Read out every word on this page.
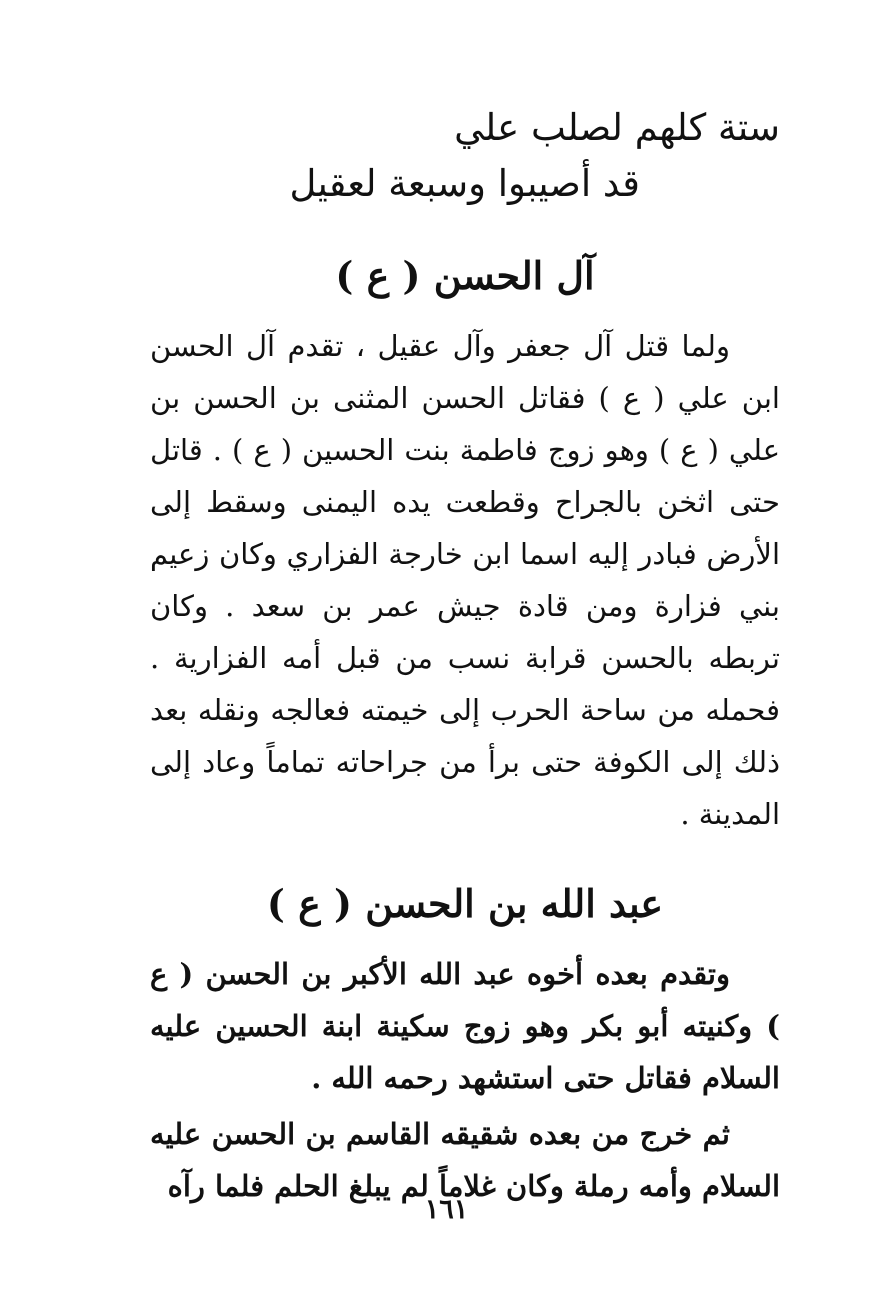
ستة كلهم لصلب علي
قد أصيبوا وسبعة لعقيل
آل الحسن ( ع )

ولما قتل آل جعفر وآل عقيل ، تقدم آل الحسن ابن علي ( ع ) فقاتل الحسن المثنى بن الحسن بن علي ( ع ) وهو زوج فاطمة بنت الحسين ( ع ) . قاتل حتى اثخن بالجراح وقطعت يده اليمنى وسقط إلى الأرض فبادر إليه اسما ابن خارجة الفزاري وكان زعيم بني فزارة ومن قادة جيش عمر بن سعد . وكان تربطه بالحسن قرابة نسب من قبل أمه الفزارية . فحمله من ساحة الحرب إلى خيمته فعالجه ونقله بعد ذلك إلى الكوفة حتى برأ من جراحاته تماماً وعاد إلى المدينة .

عبد الله بن الحسن ( ع )

وتقدم بعده أخوه عبد الله الأكبر بن الحسن ( ع ) وكنيته أبو بكر وهو زوج سكينة ابنة الحسين عليه السلام فقاتل حتى استشهد رحمه الله .

ثم خرج من بعده شقيقه القاسم بن الحسن عليه السلام وأمه رملة وكان غلاماً لم يبلغ الحلم فلما رآه

١٦١
